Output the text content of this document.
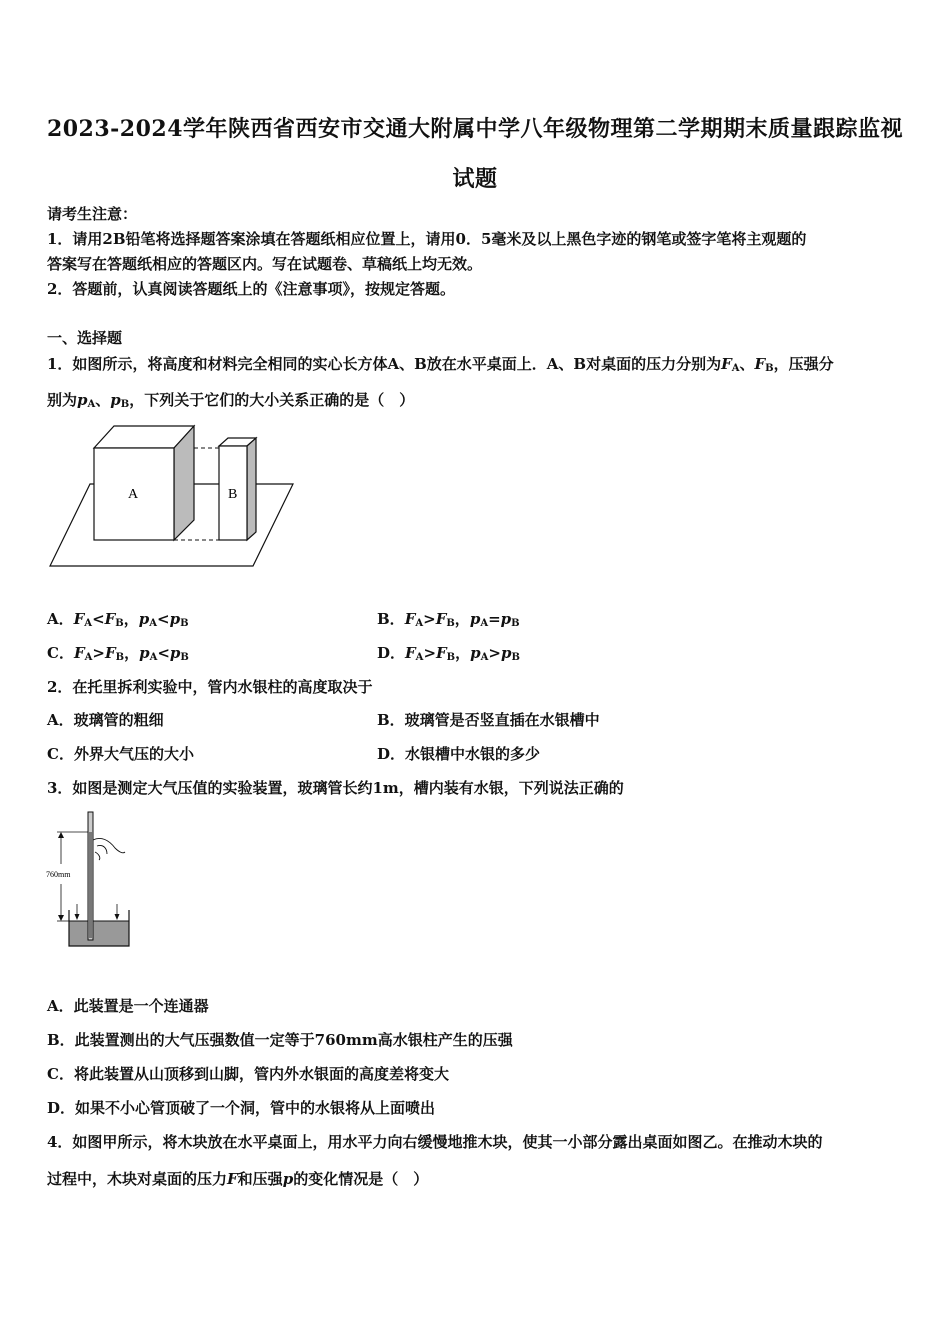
2023-2024学年陕西省西安市交通大附属中学八年级物理第二学期期末质量跟踪监视
试题
请考生注意：
1．请用2B铅笔将选择题答案涂填在答题纸相应位置上，请用0．5毫米及以上黑色字迹的钢笔或签字笔将主观题的
答案写在答题纸相应的答题区内。写在试题卷、草稿纸上均无效。
2．答题前，认真阅读答题纸上的《注意事项》，按规定答题。
一、选择题
1．如图所示，将高度和材料完全相同的实心长方体A、B放在水平桌面上．A、B对桌面的压力分别为$F_A$、$F_B$，压强分
别为$p_A$、$p_B$，下列关于它们的大小关系正确的是（　）
A	B
A．$F_A<F_B$，$p_A<p_B$	B．$F_A>F_B$，$p_A=p_B$
C．$F_A>F_B$，$p_A<p_B$	D．$F_A>F_B$，$p_A>p_B$
2．在托里拆利实验中，管内水银柱的高度取决于
A．玻璃管的粗细	B．玻璃管是否竖直插在水银槽中
C．外界大气压的大小	D．水银槽中水银的多少
3．如图是测定大气压值的实验装置，玻璃管长约1m，槽内装有水银，下列说法正确的
760mm
A．此装置是一个连通器
B．此装置测出的大气压强数值一定等于760mm高水银柱产生的压强
C．将此装置从山顶移到山脚，管内外水银面的高度差将变大
D．如果不小心管顶破了一个洞，管中的水银将从上面喷出
4．如图甲所示，将木块放在水平桌面上，用水平力向右缓慢地推木块，使其一小部分露出桌面如图乙。在推动木块的
过程中，木块对桌面的压力F和压强p的变化情况是（　）
